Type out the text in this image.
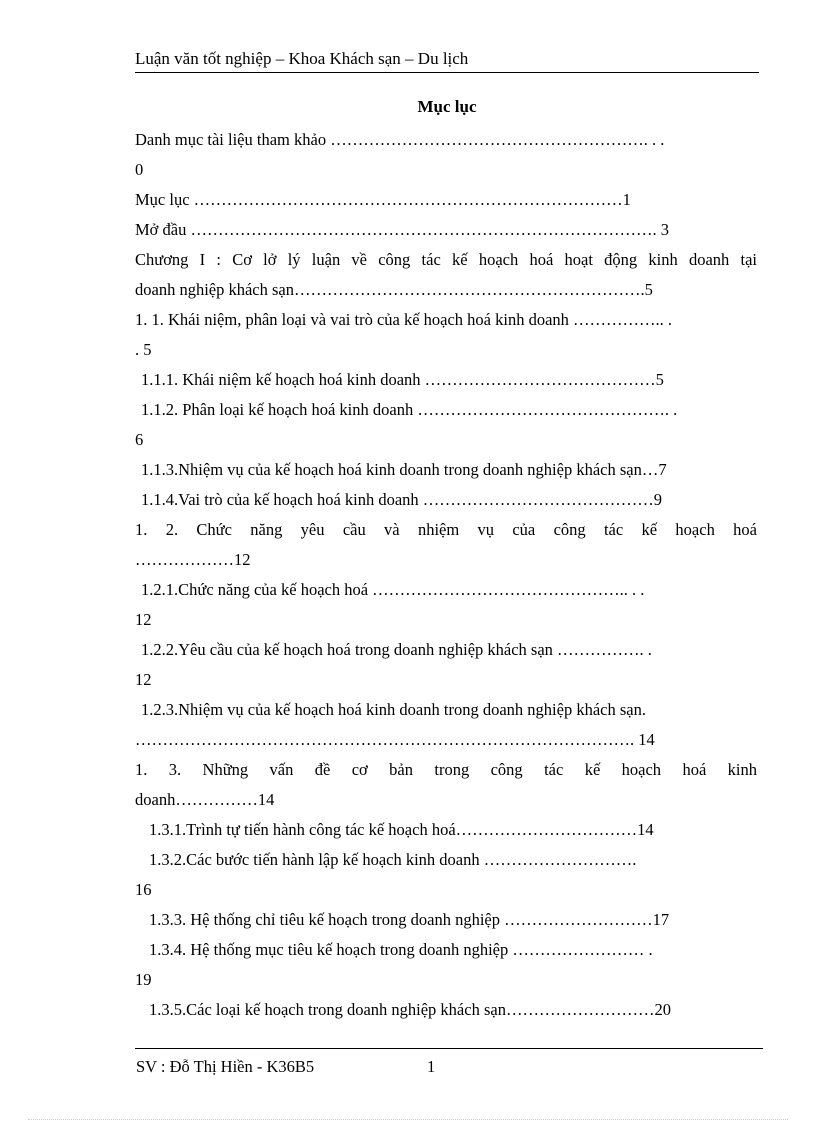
Luận văn tốt nghiệp – Khoa Khách sạn – Du lịch
Mục lục
Danh mục tài liệu tham khảo …………………………………………………. . .
0
Mục lục ……………………………………………………………………1
Mở đầu …………………………………………………………………………. 3
Chương I : Cơ lở lý luận về công tác kế hoạch hoá hoạt động kinh doanh tại
doanh nghiệp khách sạn……………………………………………………….5
1. 1. Khái niệm, phân loại và vai trò của kế hoạch hoá kinh doanh …………….. .
. 5
1.1.1. Khái niệm kế hoạch hoá kinh doanh ……………………………………5
1.1.2. Phân loại kế hoạch hoá kinh doanh ………………………………………. .
6
1.1.3.Nhiệm vụ của kế hoạch hoá kinh doanh trong doanh nghiệp khách sạn…7
1.1.4.Vai trò của kế hoạch hoá kinh doanh ……………………………………9
1. 2. Chức năng yêu cầu và nhiệm vụ của công tác kế hoạch hoá
………………12
1.2.1.Chức năng của kế hoạch hoá ……………………………………….. . .
12
1.2.2.Yêu cầu của kế hoạch hoá trong doanh nghiệp khách sạn ……………. .
12
1.2.3.Nhiệm vụ của kế hoạch hoá kinh doanh trong doanh nghiệp khách sạn.
………………………………………………………………………………. 14
1. 3. Những vấn đề cơ bản trong công tác kế hoạch hoá kinh
doanh……………14
1.3.1.Trình tự tiến hành công tác kế hoạch hoá……………………………14
1.3.2.Các bước tiến hành lập kế hoạch kinh doanh ……………………….
16
1.3.3. Hệ thống chỉ tiêu kế hoạch trong doanh nghiệp ………………………17
1.3.4. Hệ thống mục tiêu kế hoạch trong doanh nghiệp …………………… .
19
1.3.5.Các loại kế hoạch trong doanh nghiệp khách sạn………………………20
SV : Đỗ Thị Hiền - K36B5	1
